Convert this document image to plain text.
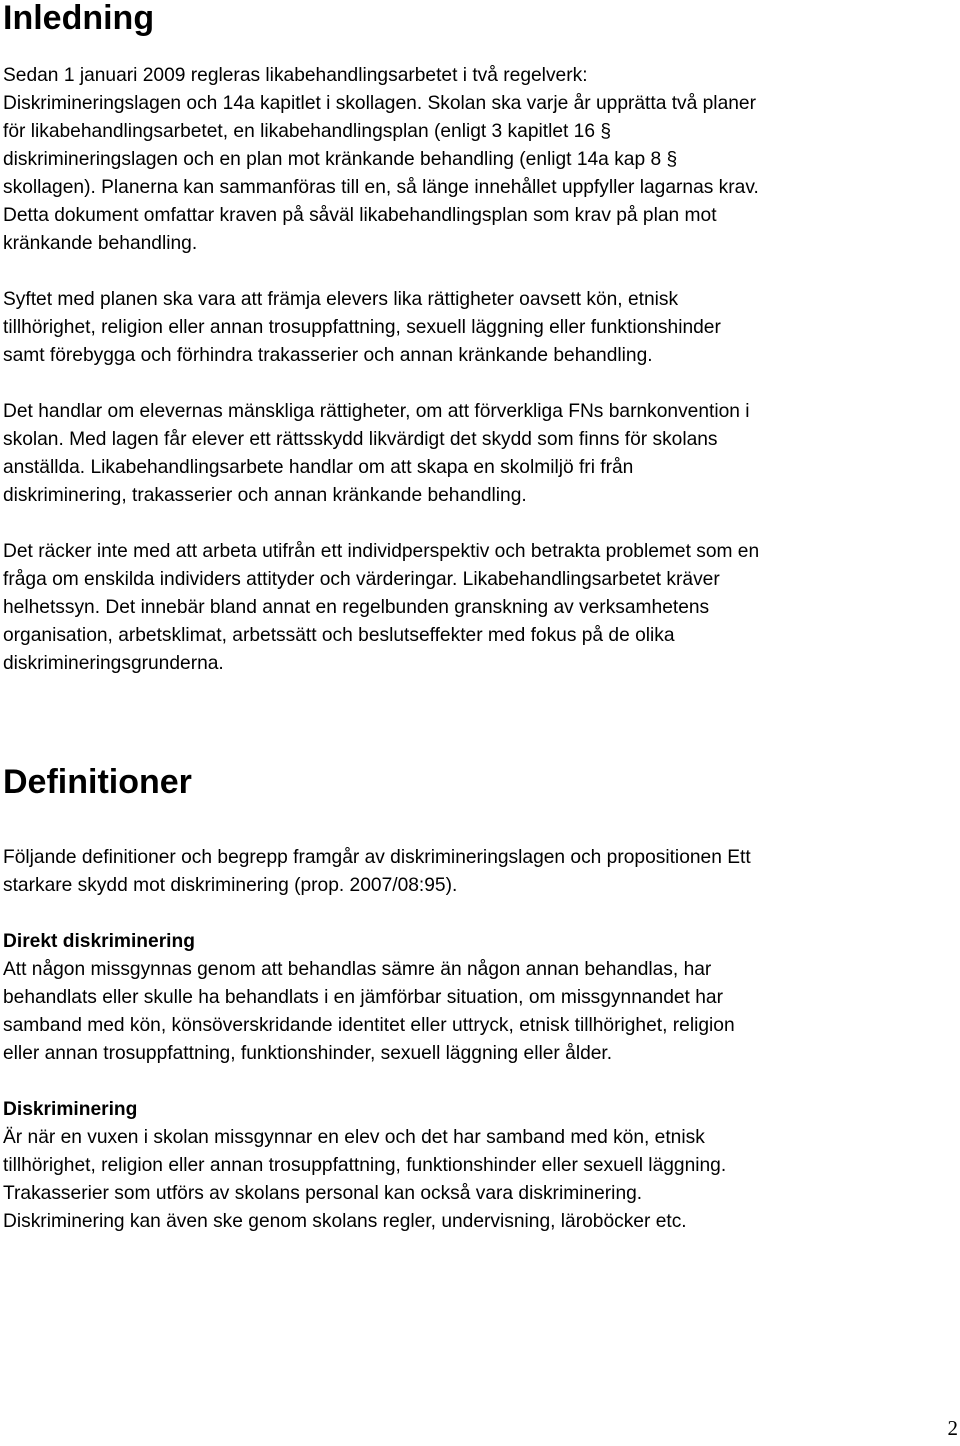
Inledning

Sedan 1 januari 2009 regleras likabehandlingsarbetet i två regelverk:
Diskrimineringslagen och 14a kapitlet i skollagen. Skolan ska varje år upprätta två planer
för likabehandlingsarbetet, en likabehandlingsplan (enligt 3 kapitlet 16 §
diskrimineringslagen och en plan mot kränkande behandling (enligt 14a kap 8 §
skollagen). Planerna kan sammanföras till en, så länge innehållet uppfyller lagarnas krav.
Detta dokument omfattar kraven på såväl likabehandlingsplan som krav på plan mot
kränkande behandling.

Syftet med planen ska vara att främja elevers lika rättigheter oavsett kön, etnisk
tillhörighet, religion eller annan trosuppfattning, sexuell läggning eller funktionshinder
samt förebygga och förhindra trakasserier och annan kränkande behandling.

Det handlar om elevernas mänskliga rättigheter, om att förverkliga FNs barnkonvention i
skolan. Med lagen får elever ett rättsskydd likvärdigt det skydd som finns för skolans
anställda. Likabehandlingsarbete handlar om att skapa en skolmiljö fri från
diskriminering, trakasserier och annan kränkande behandling.

Det räcker inte med att arbeta utifrån ett individperspektiv och betrakta problemet som en
fråga om enskilda individers attityder och värderingar. Likabehandlingsarbetet kräver
helhetssyn. Det innebär bland annat en regelbunden granskning av verksamhetens
organisation, arbetsklimat, arbetssätt och beslutseffekter med fokus på de olika
diskrimineringsgrunderna.

Definitioner

Följande definitioner och begrepp framgår av diskrimineringslagen och propositionen Ett
starkare skydd mot diskriminering (prop. 2007/08:95).

Direkt diskriminering
Att någon missgynnas genom att behandlas sämre än någon annan behandlas, har
behandlats eller skulle ha behandlats i en jämförbar situation, om missgynnandet har
samband med kön, könsöverskridande identitet eller uttryck, etnisk tillhörighet, religion
eller annan trosuppfattning, funktionshinder, sexuell läggning eller ålder.
Diskriminering
Är när en vuxen i skolan missgynnar en elev och det har samband med kön, etnisk
tillhörighet, religion eller annan trosuppfattning, funktionshinder eller sexuell läggning.
Trakasserier som utförs av skolans personal kan också vara diskriminering.
Diskriminering kan även ske genom skolans regler, undervisning, läroböcker etc.
2
